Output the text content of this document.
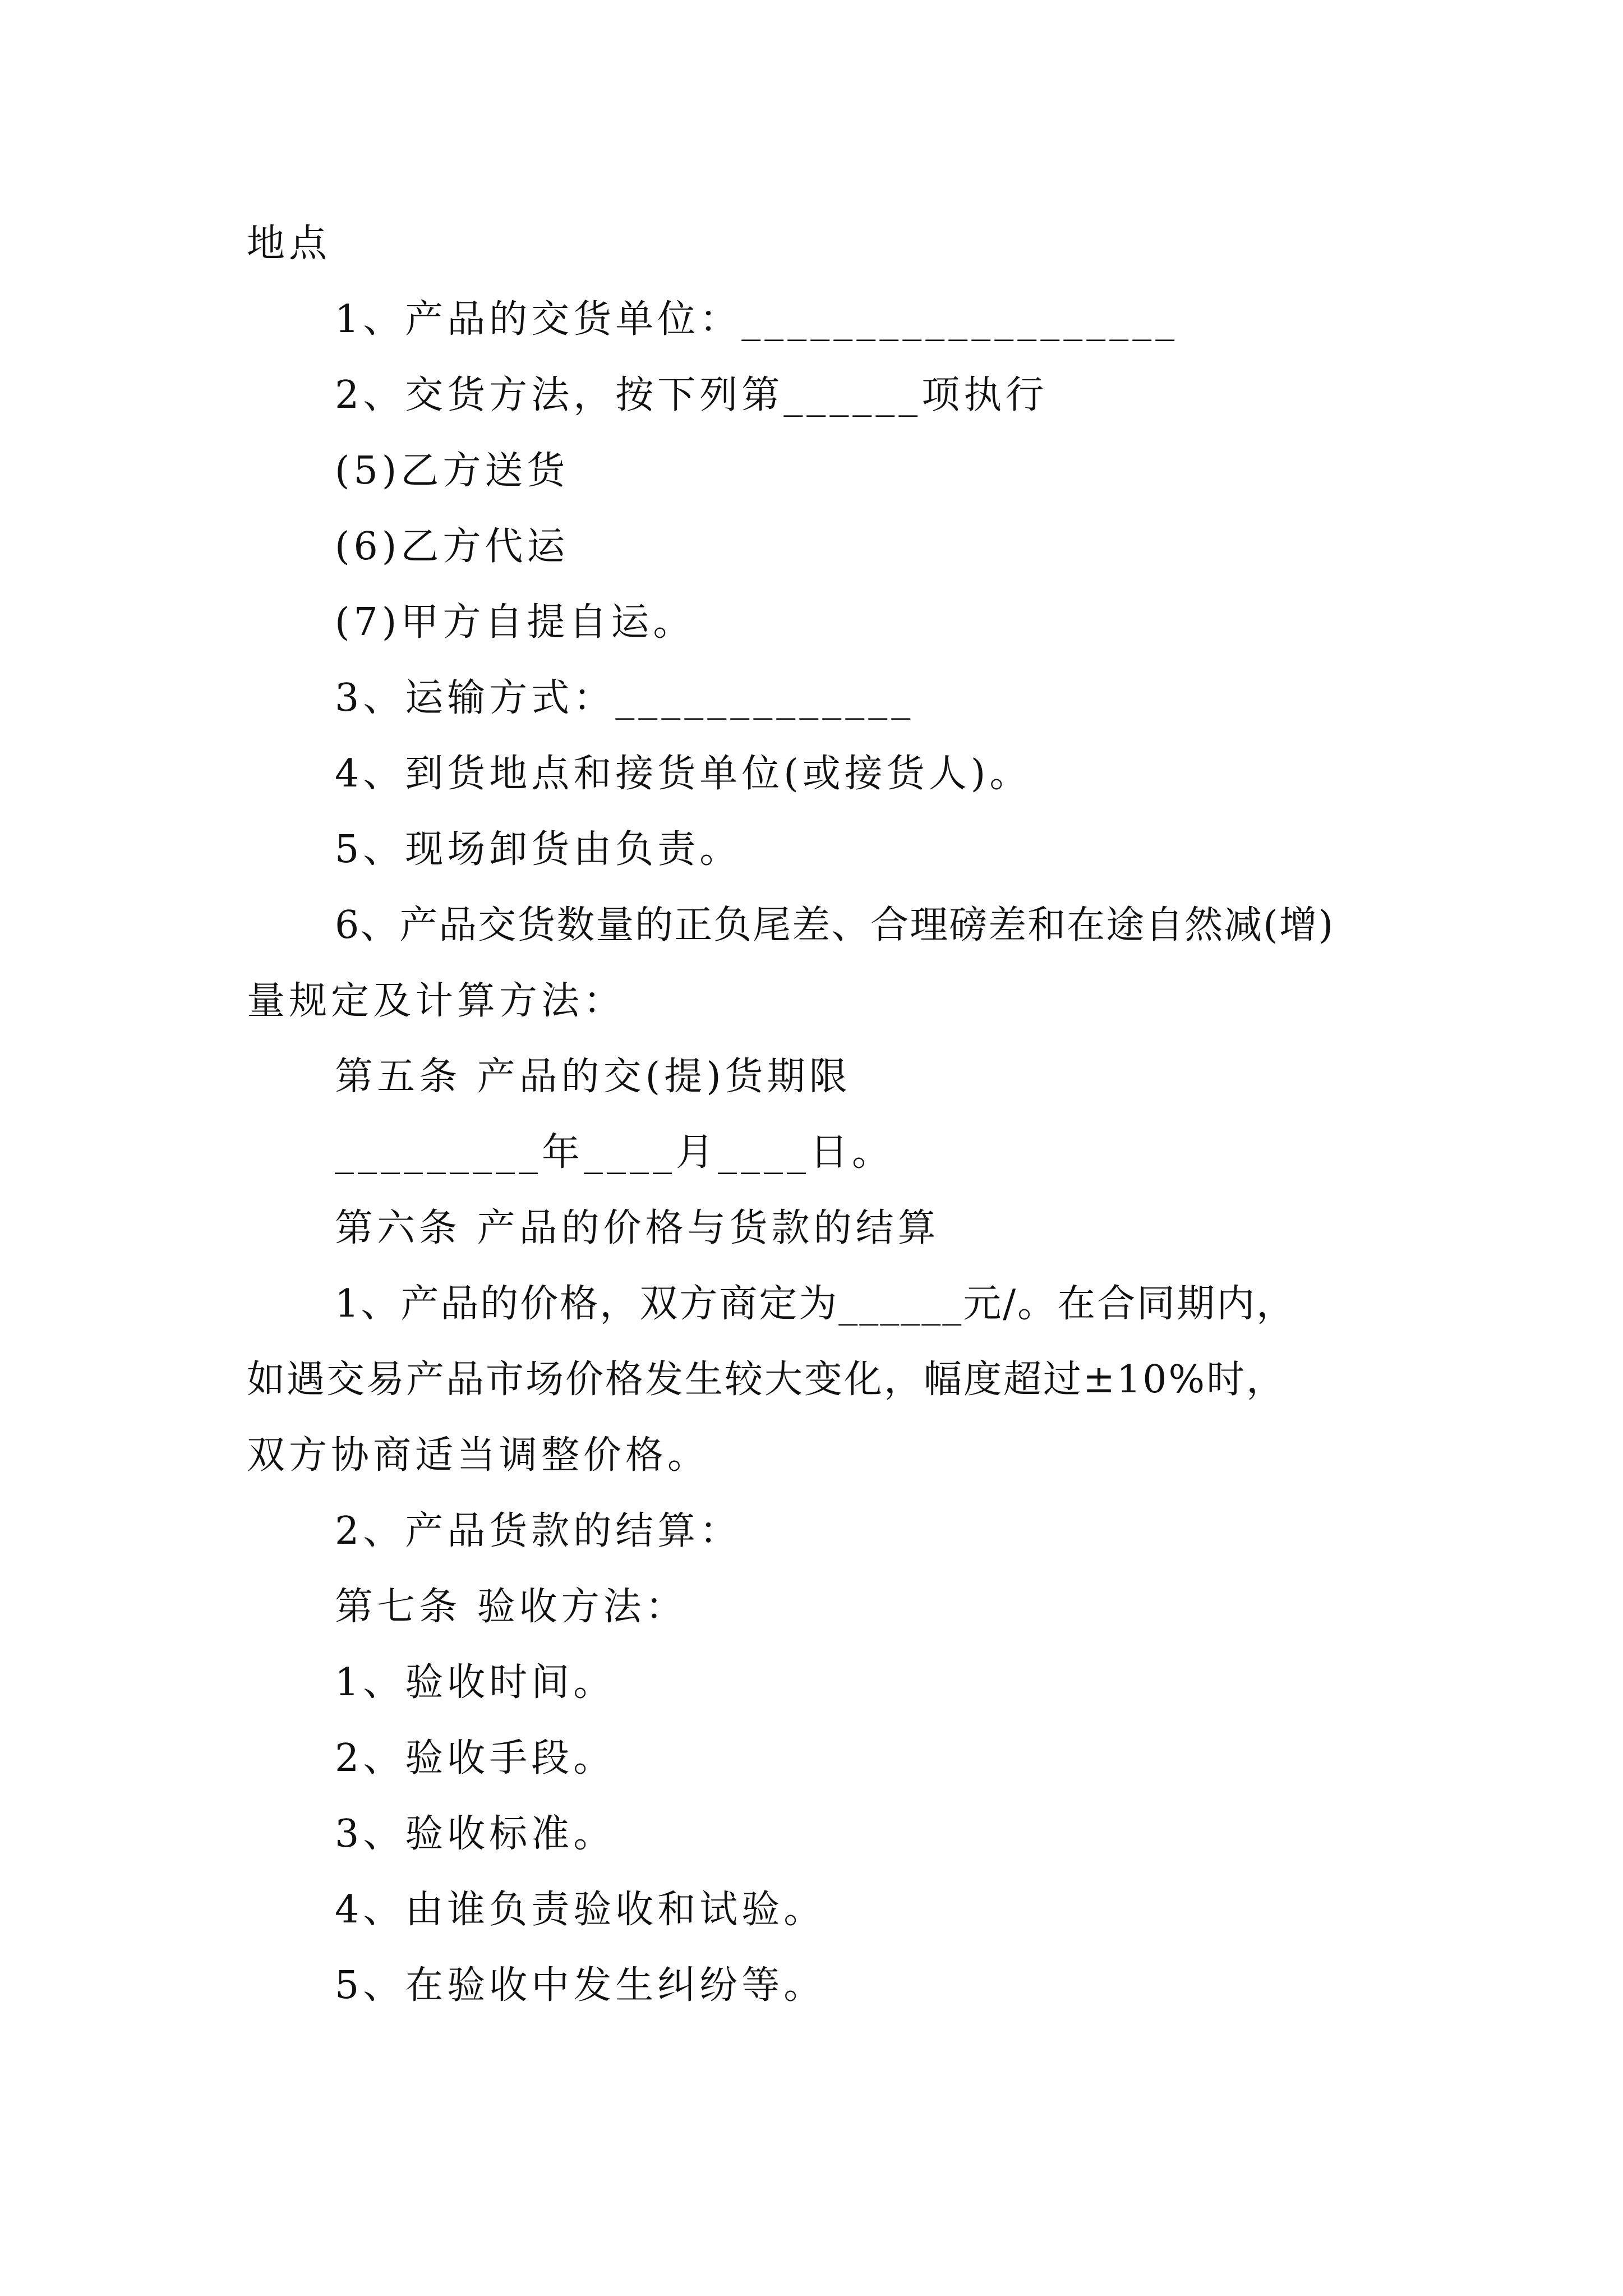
地点
1、产品的交货单位：___________________
2、交货方法，按下列第______项执行
(5)乙方送货
(6)乙方代运
(7)甲方自提自运。
3、运输方式：_____________
4、到货地点和接货单位(或接货人)。
5、现场卸货由负责。
6、产品交货数量的正负尾差、合理磅差和在途自然减(增)
量规定及计算方法：
第五条 产品的交(提)货期限
_________年____月____日。
第六条 产品的价格与货款的结算
1、产品的价格，双方商定为______元/。在合同期内，
如遇交易产品市场价格发生较大变化，幅度超过±10%时，
双方协商适当调整价格。
2、产品货款的结算：
第七条 验收方法：
1、验收时间。
2、验收手段。
3、验收标准。
4、由谁负责验收和试验。
5、在验收中发生纠纷等。
